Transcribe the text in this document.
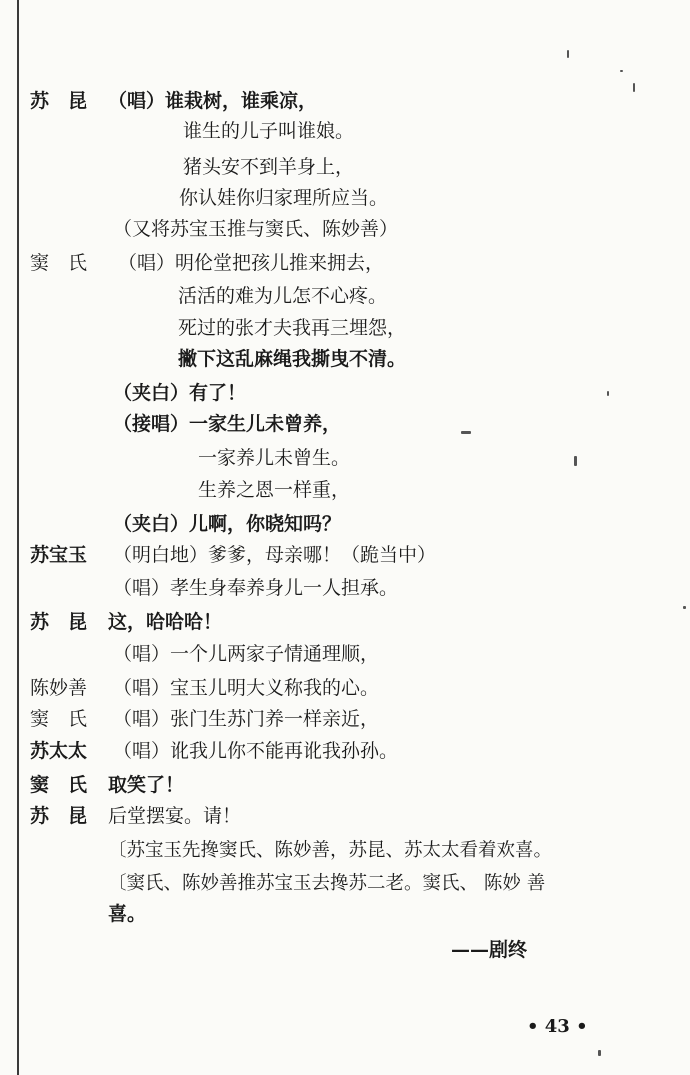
苏　昆 （唱）谁栽树，谁乘凉，
谁生的儿子叫谁娘。
猪头安不到羊身上，
你认娃你归家理所应当。
（又将苏宝玉推与窦氏、陈妙善）
窦　氏 （唱）明伦堂把孩儿推来拥去，
活活的难为儿怎不心疼。
死过的张才夫我再三埋怨，
撇下这乱麻绳我撕曳不清。
（夹白）有了！
（接唱）一家生儿未曾养，
一家养儿未曾生。
生养之恩一样重，
（夹白）儿啊，你晓知吗？
苏宝玉 （明白地）爹爹，母亲哪！（跪当中）
（唱）孝生身奉养身儿一人担承。
苏　昆 这，哈哈哈！
（唱）一个儿两家子情通理顺，
陈妙善 （唱）宝玉儿明大义称我的心。
窦　氏 （唱）张门生苏门养一样亲近，
苏太太 （唱）讹我儿你不能再讹我孙孙。
窦　氏 取笑了！
苏　昆 后堂摆宴。请！
〔苏宝玉先搀窦氏、陈妙善，苏昆、苏太太看着欢喜。
〔窦氏、陈妙善推苏宝玉去搀苏二老。窦氏、 陈妙 善
喜。
——剧终
• 43 •
